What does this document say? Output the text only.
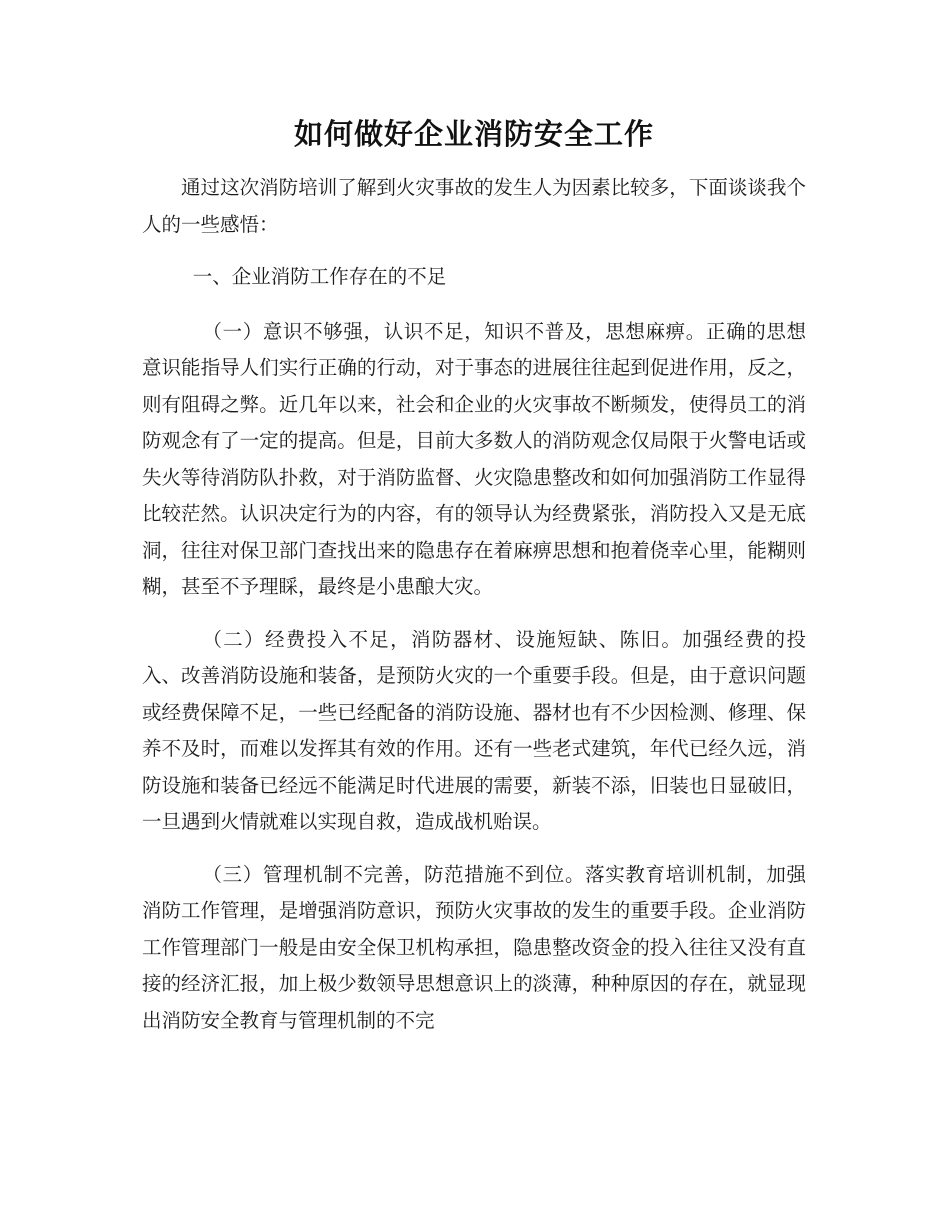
如何做好企业消防安全工作

通过这次消防培训了解到火灾事故的发生人为因素比较多，下面谈谈我个人的一些感悟：

一、企业消防工作存在的不足

（一）意识不够强，认识不足，知识不普及，思想麻痹。正确的思想意识能指导人们实行正确的行动，对于事态的进展往往起到促进作用，反之，则有阻碍之弊。近几年以来，社会和企业的火灾事故不断频发，使得员工的消防观念有了一定的提高。但是，目前大多数人的消防观念仅局限于火警电话或失火等待消防队扑救，对于消防监督、火灾隐患整改和如何加强消防工作显得比较茫然。认识决定行为的内容，有的领导认为经费紧张，消防投入又是无底洞，往往对保卫部门查找出来的隐患存在着麻痹思想和抱着侥幸心里，能糊则糊，甚至不予理睬，最终是小患酿大灾。

（二）经费投入不足，消防器材、设施短缺、陈旧。加强经费的投入、改善消防设施和装备，是预防火灾的一个重要手段。但是，由于意识问题或经费保障不足，一些已经配备的消防设施、器材也有不少因检测、修理、保养不及时，而难以发挥其有效的作用。还有一些老式建筑，年代已经久远，消防设施和装备已经远不能满足时代进展的需要，新装不添，旧装也日显破旧，一旦遇到火情就难以实现自救，造成战机贻误。

（三）管理机制不完善，防范措施不到位。落实教育培训机制，加强消防工作管理，是增强消防意识，预防火灾事故的发生的重要手段。企业消防工作管理部门一般是由安全保卫机构承担，隐患整改资金的投入往往又没有直接的经济汇报，加上极少数领导思想意识上的淡薄，种种原因的存在，就显现出消防安全教育与管理机制的不完
